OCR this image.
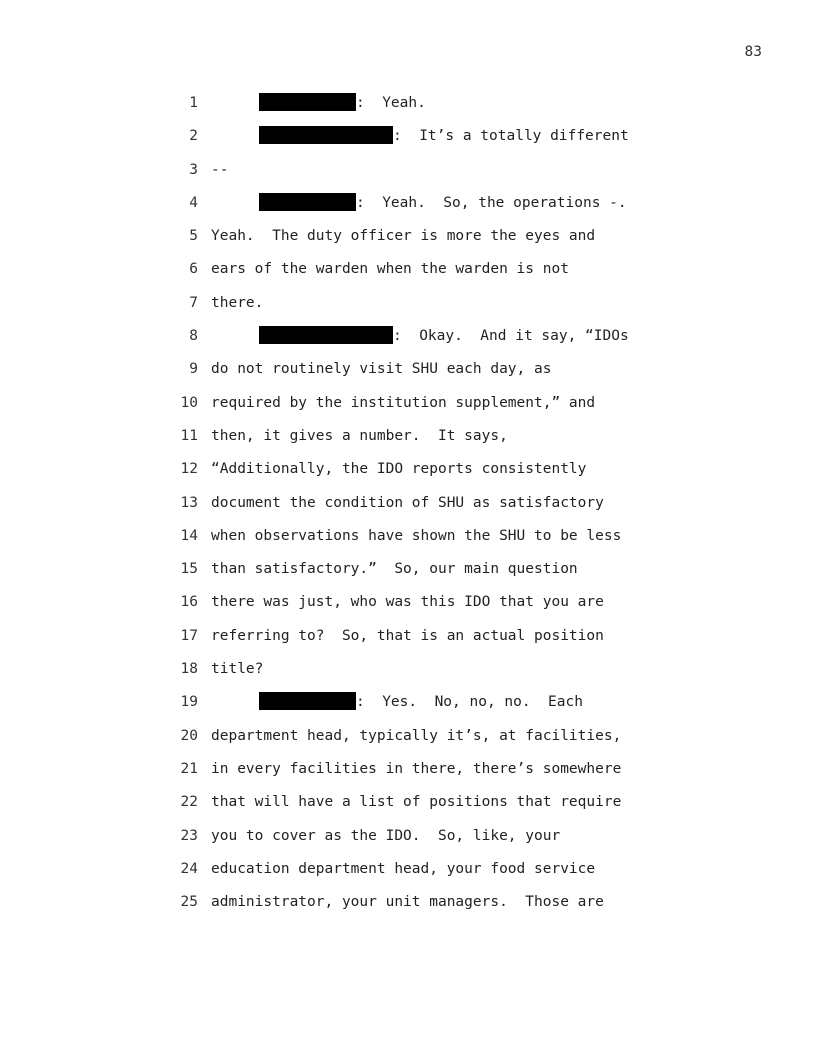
83
1	:  Yeah.
2	:  It’s a totally different
3 --
4	:  Yeah.  So, the operations -.
5 Yeah.  The duty officer is more the eyes and
6 ears of the warden when the warden is not
7 there.
8	:  Okay.  And it say, “IDOs
9 do not routinely visit SHU each day, as
10 required by the institution supplement,” and
11 then, it gives a number.  It says,
12 “Additionally, the IDO reports consistently
13 document the condition of SHU as satisfactory
14 when observations have shown the SHU to be less
15 than satisfactory.”  So, our main question
16 there was just, who was this IDO that you are
17 referring to?  So, that is an actual position
18 title?
19	:  Yes.  No, no, no.  Each
20 department head, typically it’s, at facilities,
21 in every facilities in there, there’s somewhere
22 that will have a list of positions that require
23 you to cover as the IDO.  So, like, your
24 education department head, your food service
25 administrator, your unit managers.  Those are
